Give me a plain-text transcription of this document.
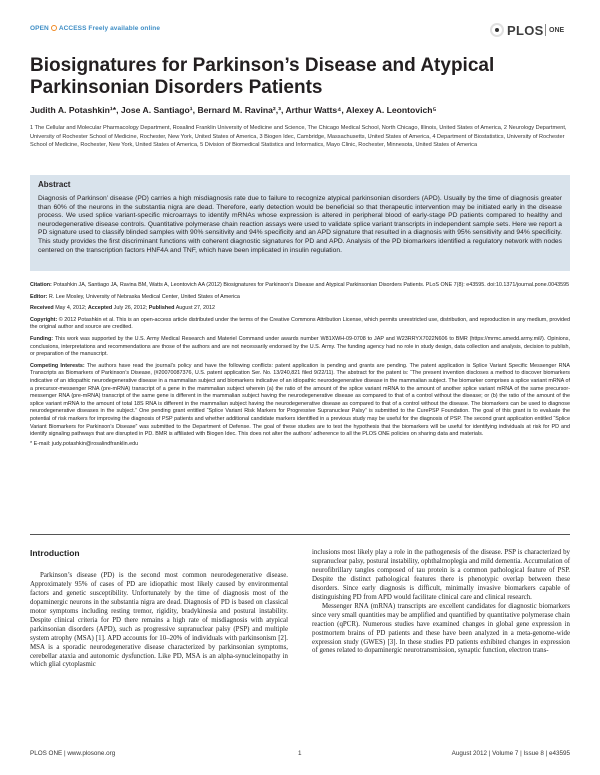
OPEN ACCESS Freely available online	PLOS ONE
Biosignatures for Parkinson’s Disease and Atypical Parkinsonian Disorders Patients
Judith A. Potashkin¹*, Jose A. Santiago¹, Bernard M. Ravina²,³, Arthur Watts⁴, Alexey A. Leontovich⁵
1 The Cellular and Molecular Pharmacology Department, Rosalind Franklin University of Medicine and Science, The Chicago Medical School, North Chicago, Illinois, United States of America, 2 Neurology Department, University of Rochester School of Medicine, Rochester, New York, United States of America, 3 Biogen Idec, Cambridge, Massachusetts, United States of America, 4 Department of Biostatistics, University of Rochester School of Medicine, Rochester, New York, United States of America, 5 Division of Biomedical Statistics and Informatics, Mayo Clinic, Rochester, Minnesota, United States of America
Abstract
Diagnosis of Parkinson’ disease (PD) carries a high misdiagnosis rate due to failure to recognize atypical parkinsonian disorders (APD). Usually by the time of diagnosis greater than 60% of the neurons in the substantia nigra are dead. Therefore, early detection would be beneficial so that therapeutic intervention may be initiated early in the disease process. We used splice variant-specific microarrays to identify mRNAs whose expression is altered in peripheral blood of early-stage PD patients compared to healthy and neurodegenerative disease controls. Quantitative polymerase chain reaction assays were used to validate splice variant transcripts in independent sample sets. Here we report a PD signature used to classify blinded samples with 90% sensitivity and 94% specificity and an APD signature that resulted in a diagnosis with 95% sensitivity and 94% specificity. This study provides the first discriminant functions with coherent diagnostic signatures for PD and APD. Analysis of the PD biomarkers identified a regulatory network with nodes centered on the transcription factors HNF4A and TNF, which have been implicated in insulin regulation.

Citation: Potashkin JA, Santiago JA, Ravina BM, Watts A, Leontovich AA (2012) Biosignatures for Parkinson’s Disease and Atypical Parkinsonian Disorders Patients. PLoS ONE 7(8): e43595. doi:10.1371/journal.pone.0043595

Editor: R. Lee Mosley, University of Nebraska Medical Center, United States of America

Received May 4, 2012; Accepted July 26, 2012; Published August 27, 2012

Copyright: © 2012 Potashkin et al. This is an open-access article distributed under the terms of the Creative Commons Attribution License, which permits unrestricted use, distribution, and reproduction in any medium, provided the original author and source are credited.

Funding: This work was supported by the U.S. Army Medical Research and Materiel Command under awards number W81XWH-09-0708 to JAP and W23RRYX7022N606 to BMR (https://mrmc.amedd.army.mil/). Opinions, conclusions, interpretations and recommendations are those of the authors and are not necessarily endorsed by the U.S. Army. The funding agency had no role in study design, data collection and analysis, decision to publish, or preparation of the manuscript.

Competing Interests: The authors have read the journal’s policy and have the following conflicts: patent application is pending and grants are pending. The patent application is Splice Variant Specific Messenger RNA Transcripts as Biomarkers of Parkinson’s Disease, (#20070087376, U.S. patent application Ser. No. 13/240,821 filed 9/22/11). The abstract for the patent is: “The present invention discloses a method to discover biomarkers indicative of an idiopathic neurodegenerative disease in a mammalian subject and biomarkers indicative of an idiopathic neurodegenerative disease in the mammalian subject. The biomarker comprises a splice variant mRNA of a precursor-messenger RNA (pre-mRNA) transcript of a gene in the mammalian subject wherein (a) the ratio of the amount of the splice variant mRNA to the amount of another splice variant mRNA of the same precursor-messenger RNA (pre-mRNA) transcript of the same gene is different in the mammalian subject having the neurodegenerative disease as compared to that of a control without the disease; or (b) the ratio of the amount of the splice variant mRNA to the amount of total 18S RNA is different in the mammalian subject having the neurodegenerative disease as compared to that of a control without the disease. The biomarkers can be used to diagnose neurodegenerative diseases in the subject.” One pending grant entitled “Splice Variant Risk Markers for Progressive Supranuclear Palsy” is submitted to the CurePSP Foundation. The goal of this grant is to evaluate the potential of risk markers for improving the diagnosis of PSP patients and whether additional candidate markers identified in a previous study may be useful for the diagnosis of PSP. The second grant application entitled “Splice Variant Biomarkers for Parkinson’s Disease” was submitted to the Department of Defense. The goal of these studies are to test the hypothesis that the biomarkers will be useful for identifying individuals at risk for PD and identify signaling pathways that are disrupted in PD. BMR is affiliated with Biogen Idec. This does not alter the authors’ adherence to all the PLOS ONE policies on sharing data and materials.

* E-mail: judy.potashkin@rosalindfranklin.edu

Introduction

Parkinson’s disease (PD) is the second most common neurodegenerative disease. Approximately 95% of cases of PD are idiopathic most likely caused by environmental factors and genetic susceptibility. Unfortunately by the time of diagnosis most of the dopaminergic neurons in the substantia nigra are dead. Diagnosis of PD is based on classical motor symptoms including resting tremor, rigidity, bradykinesia and postural instability. Despite clinical criteria for PD there remains a high rate of misdiagnosis with atypical parkinsonian disorders (APD), such as progressive supranuclear palsy (PSP) and multiple system atrophy (MSA) [1]. APD accounts for 10–20% of individuals with parkinsonism [2]. MSA is a sporadic neurodegenerative disease characterized by parkinsonian symptoms, cerebellar ataxia and autonomic dysfunction. Like PD, MSA is an alpha-synucleinopathy in which glial cytoplasmic

inclusions most likely play a role in the pathogenesis of the disease. PSP is characterized by supranuclear palsy, postural instability, ophthalmoplegia and mild dementia. Accumulation of neurofibrillary tangles composed of tau protein is a common pathological feature of PSP. Despite the distinct pathological features there is phenotypic overlap between these disorders. Since early diagnosis is difficult, minimally invasive biomarkers capable of distinguishing PD from APD would facilitate clinical care and clinical research.

Messenger RNA (mRNA) transcripts are excellent candidates for diagnostic biomarkers since very small quantities may be amplified and quantified by quantitative polymerase chain reaction (qPCR). Numerous studies have examined changes in global gene expression in postmortem brains of PD patients and these have been analyzed in a meta-genome-wide expression study (GWES) [3]. In these studies PD patients exhibited changes in expression of genes related to dopaminergic neurotransmission, synaptic function, electron trans-

PLOS ONE | www.plosone.org	1	August 2012 | Volume 7 | Issue 8 | e43595
